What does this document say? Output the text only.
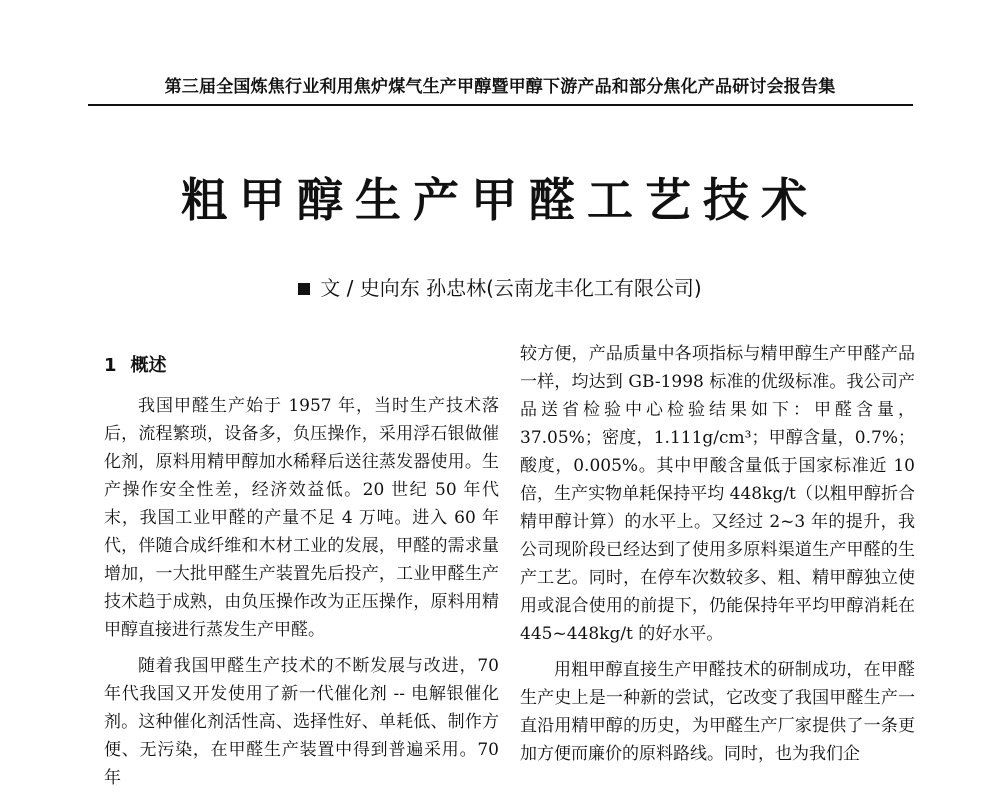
第三届全国炼焦行业利用焦炉煤气生产甲醇暨甲醇下游产品和部分焦化产品研讨会报告集
粗甲醇生产甲醛工艺技术
文 / 史向东 孙忠林(云南龙丰化工有限公司)
1 概述

我国甲醛生产始于 1957 年，当时生产技术落后，流程繁琐，设备多，负压操作，采用浮石银做催化剂，原料用精甲醇加水稀释后送往蒸发器使用。生产操作安全性差，经济效益低。20 世纪 50 年代末，我国工业甲醛的产量不足 4 万吨。进入 60 年代，伴随合成纤维和木材工业的发展，甲醛的需求量增加，一大批甲醛生产装置先后投产，工业甲醛生产技术趋于成熟，由负压操作改为正压操作，原料用精甲醇直接进行蒸发生产甲醛。

随着我国甲醛生产技术的不断发展与改进，70 年代我国又开发使用了新一代催化剂 -- 电解银催化剂。这种催化剂活性高、选择性好、单耗低、制作方便、无污染，在甲醛生产装置中得到普遍采用。70 年

较方便，产品质量中各项指标与精甲醇生产甲醛产品一样，均达到 GB-1998 标准的优级标准。我公司产品送省检验中心检验结果如下：甲醛含量，37.05%；密度，1.111g/cm³；甲醇含量，0.7%；酸度，0.005%。其中甲酸含量低于国家标准近 10 倍，生产实物单耗保持平均 448kg/t（以粗甲醇折合精甲醇计算）的水平上。又经过 2~3 年的提升，我公司现阶段已经达到了使用多原料渠道生产甲醛的生产工艺。同时，在停车次数较多、粗、精甲醇独立使用或混合使用的前提下，仍能保持年平均甲醇消耗在 445~448kg/t 的好水平。

用粗甲醇直接生产甲醛技术的研制成功，在甲醛生产史上是一种新的尝试，它改变了我国甲醛生产一直沿用精甲醇的历史，为甲醛生产厂家提供了一条更加方便而廉价的原料路线。同时，也为我们企
